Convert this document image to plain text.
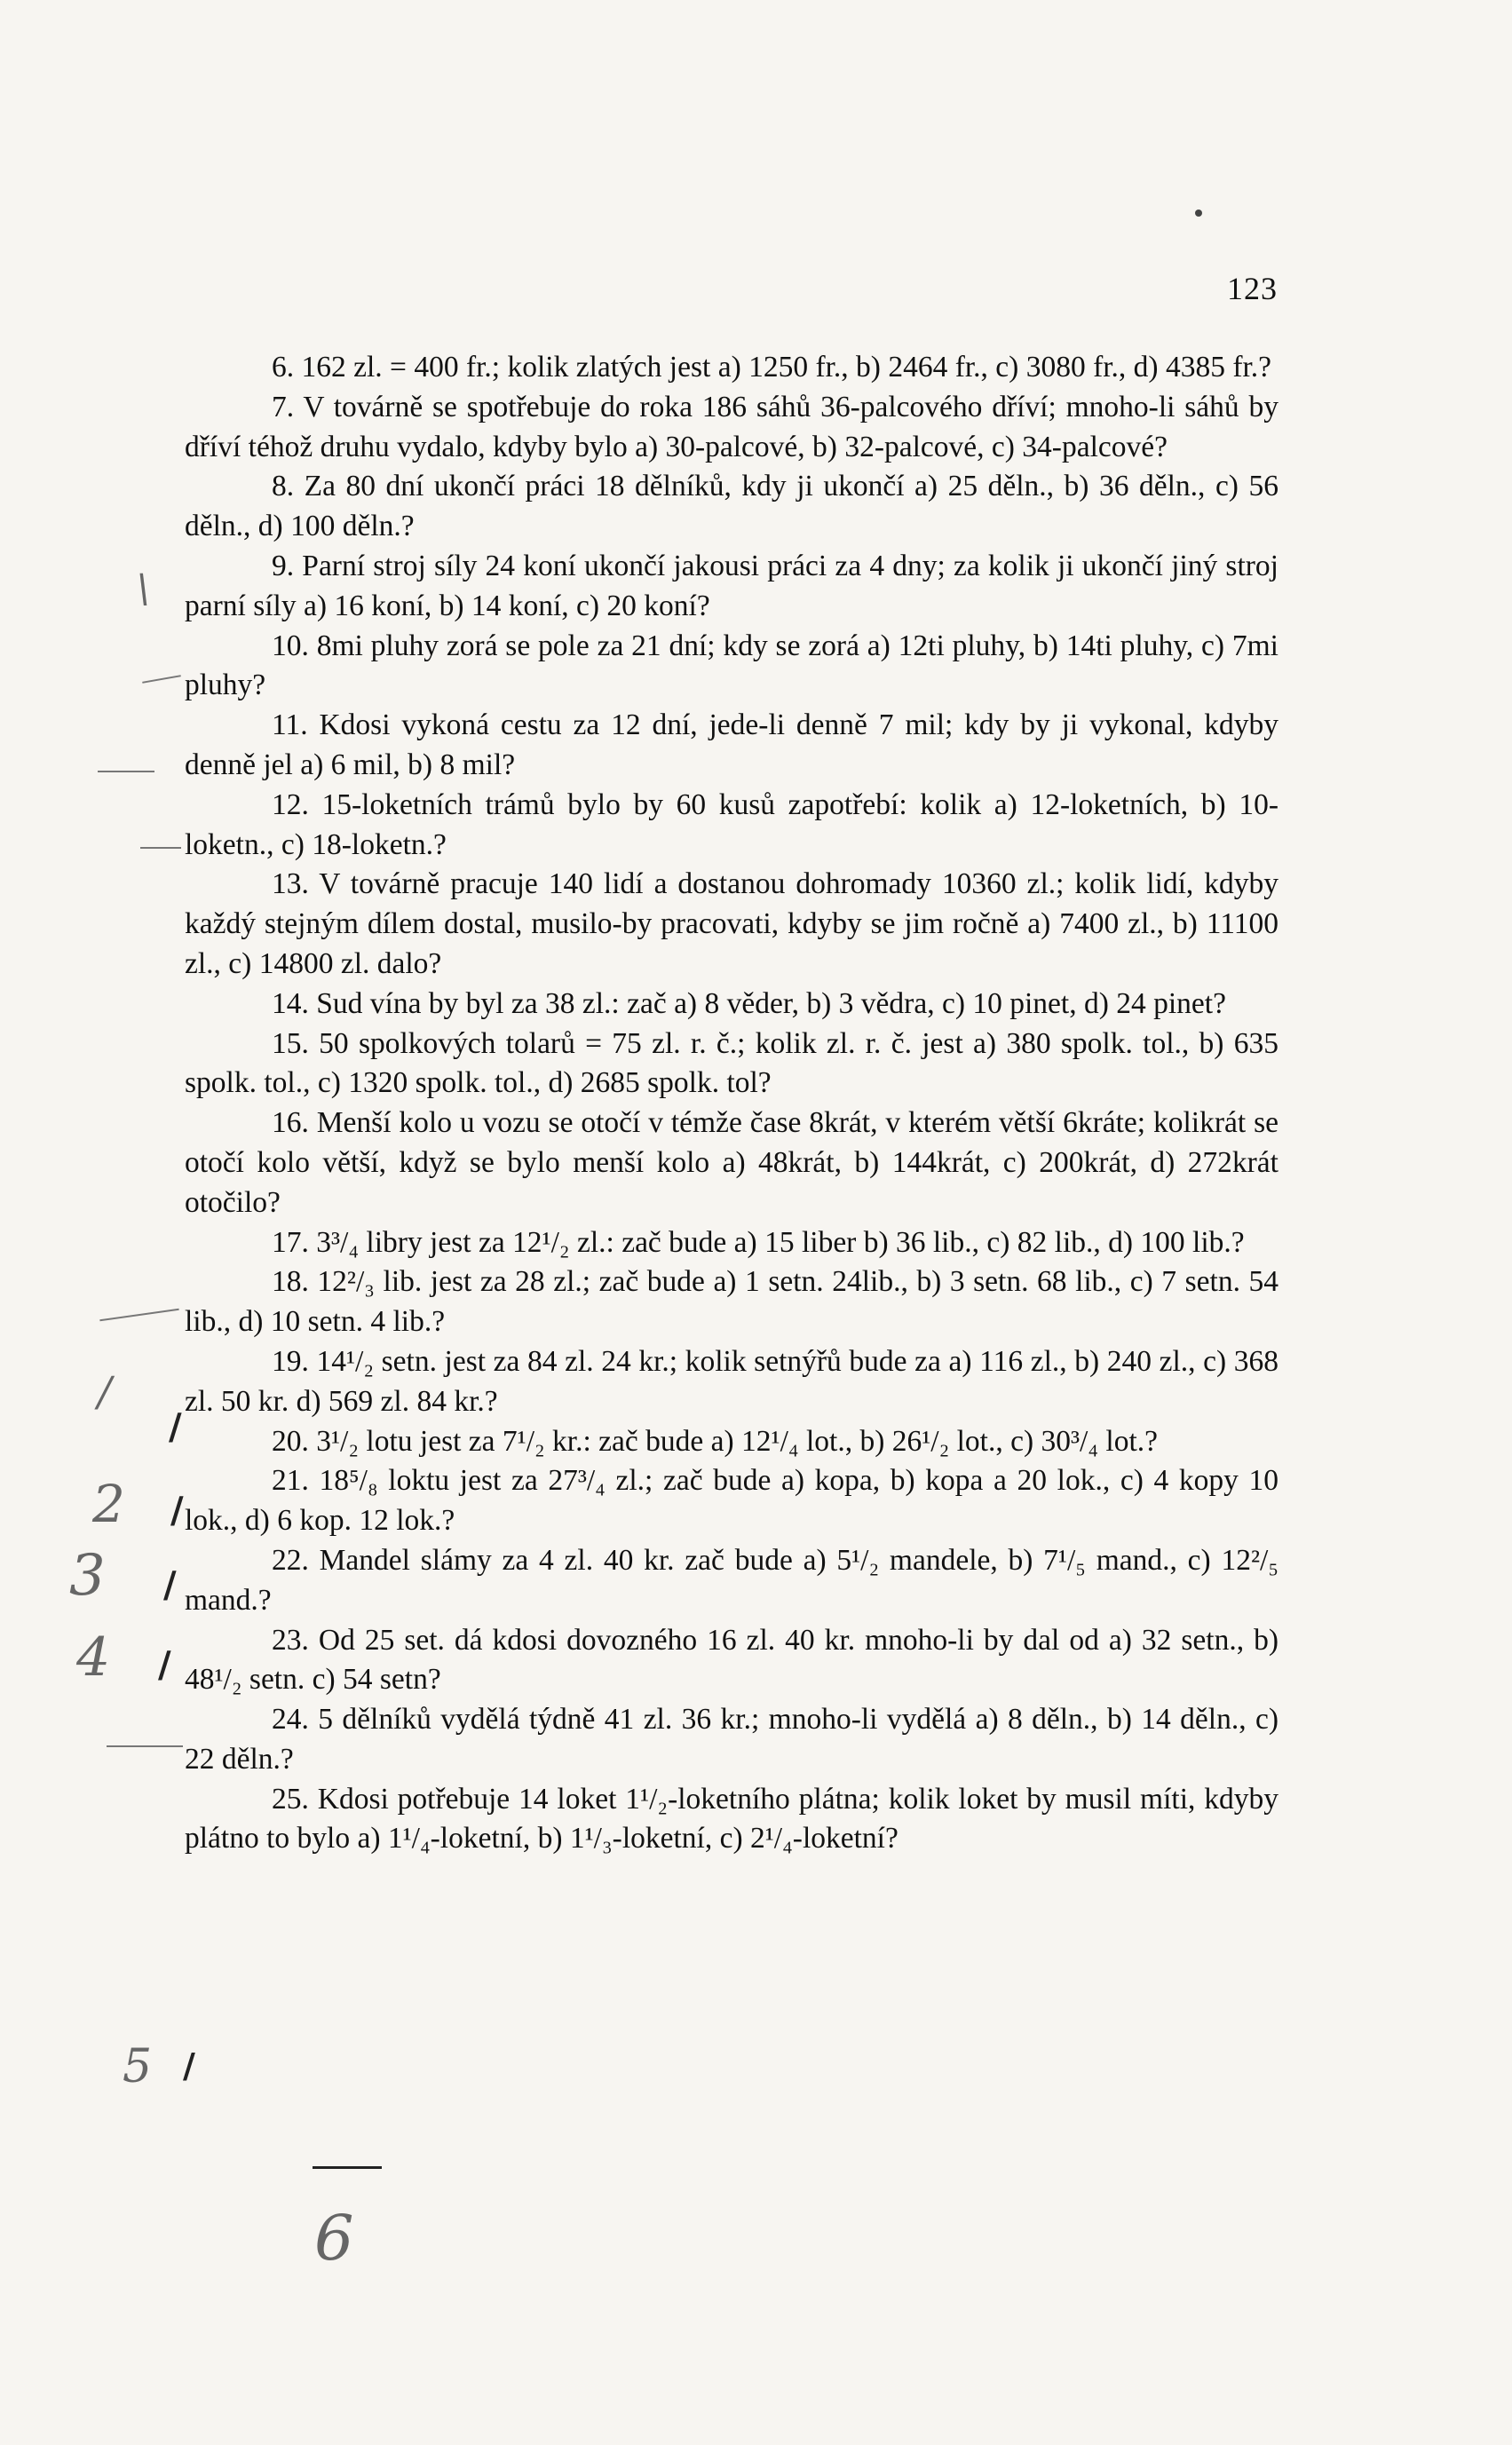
123

6. 162 zl. = 400 fr.; kolik zlatých jest a) 1250 fr., b) 2464 fr., c) 3080 fr., d) 4385 fr.?

7. V továrně se spotřebuje do roka 186 sáhů 36-palcového dříví; mnoho-li sáhů by dříví téhož druhu vydalo, kdyby bylo a) 30-palcové, b) 32-palcové, c) 34-palcové?

8. Za 80 dní ukončí práci 18 dělníků, kdy ji ukončí a) 25 děln., b) 36 děln., c) 56 děln., d) 100 děln.?

9. Parní stroj síly 24 koní ukončí jakousi práci za 4 dny; za kolik ji ukončí jiný stroj parní síly a) 16 koní, b) 14 koní, c) 20 koní?

10. 8mi pluhy zorá se pole za 21 dní; kdy se zorá a) 12ti pluhy, b) 14ti pluhy, c) 7mi pluhy?

11. Kdosi vykoná cestu za 12 dní, jede-li denně 7 mil; kdy by ji vykonal, kdyby denně jel a) 6 mil, b) 8 mil?

12. 15-loketních trámů bylo by 60 kusů zapotřebí: kolik a) 12-loketních, b) 10-loketn., c) 18-loketn.?

13. V továrně pracuje 140 lidí a dostanou dohromady 10360 zl.; kolik lidí, kdyby každý stejným dílem dostal, musilo-by pracovati, kdyby se jim ročně a) 7400 zl., b) 11100 zl., c) 14800 zl. dalo?

14. Sud vína by byl za 38 zl.: zač a) 8 věder, b) 3 vědra, c) 10 pinet, d) 24 pinet?

15. 50 spolkových tolarů = 75 zl. r. č.; kolik zl. r. č. jest a) 380 spolk. tol., b) 635 spolk. tol., c) 1320 spolk. tol., d) 2685 spolk. tol?

16. Menší kolo u vozu se otočí v témže čase 8krát, v kterém větší 6kráte; kolikrát se otočí kolo větší, když se bylo menší kolo a) 48krát, b) 144krát, c) 200krát, d) 272krát otočilo?

17. 3³/₄ libry jest za 12¹/₂ zl.: zač bude a) 15 liber b) 36 lib., c) 82 lib., d) 100 lib.?

18. 12²/₃ lib. jest za 28 zl.; zač bude a) 1 setn. 24lib., b) 3 setn. 68 lib., c) 7 setn. 54 lib., d) 10 setn. 4 lib.?

19. 14¹/₂ setn. jest za 84 zl. 24 kr.; kolik setnýřů bude za a) 116 zl., b) 240 zl., c) 368 zl. 50 kr. d) 569 zl. 84 kr.?

20. 3¹/₂ lotu jest za 7¹/₂ kr.: zač bude a) 12¹/₄ lot., b) 26¹/₂ lot., c) 30³/₄ lot.?

21. 18⁵/₈ loktu jest za 27³/₄ zl.; zač bude a) kopa, b) kopa a 20 lok., c) 4 kopy 10 lok., d) 6 kop. 12 lok.?

22. Mandel slámy za 4 zl. 40 kr. zač bude a) 5¹/₂ mandele, b) 7¹/₅ mand., c) 12²/₅ mand.?

23. Od 25 set. dá kdosi dovozného 16 zl. 40 kr. mnoho-li by dal od a) 32 setn., b) 48¹/₂ setn. c) 54 setn?

24. 5 dělníků vydělá týdně 41 zl. 36 kr.; mnoho-li vydělá a) 8 děln., b) 14 děln., c) 22 děln.?

25. Kdosi potřebuje 14 loket 1¹/₂-loketního plátna; kolik loket by musil míti, kdyby plátno to bylo a) 1¹/₄-loketní, b) 1¹/₃-loketní, c) 2¹/₄-loketní?

\
/
/
2 /
3 /
4 /
5 /
6
